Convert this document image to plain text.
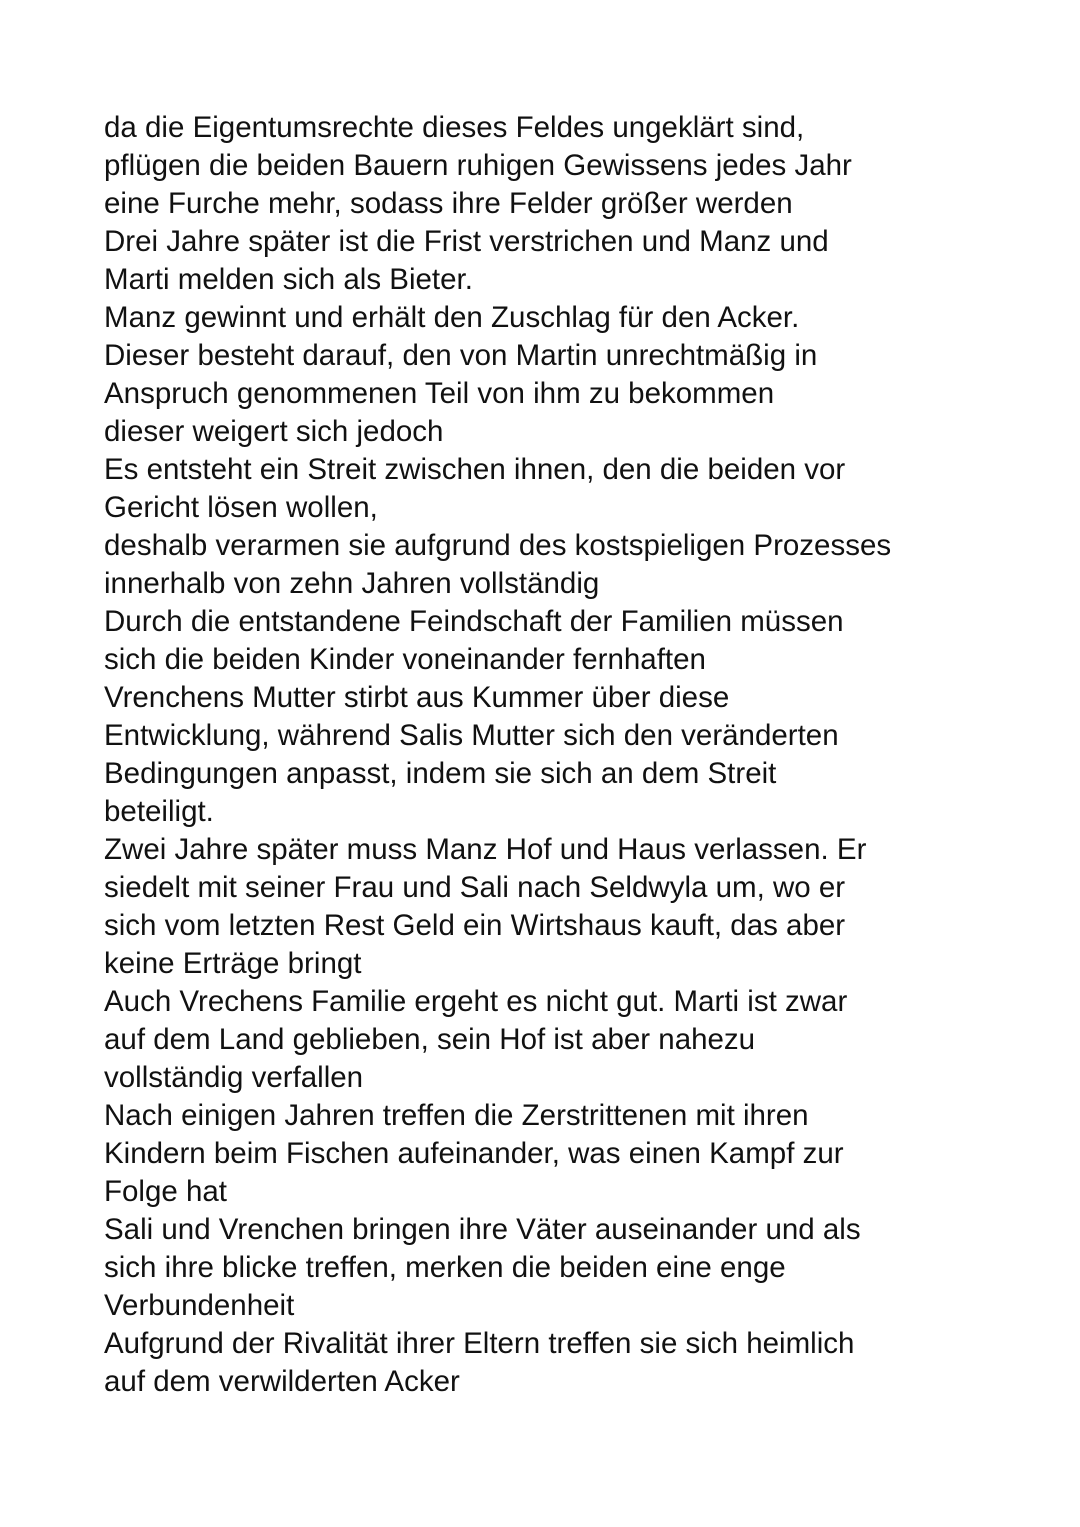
da die Eigentumsrechte dieses Feldes ungeklärt sind,
pflügen die beiden Bauern ruhigen Gewissens jedes Jahr
eine Furche mehr, sodass ihre Felder größer werden
Drei Jahre später ist die Frist verstrichen und Manz und
Marti melden sich als Bieter.
Manz gewinnt und erhält den Zuschlag für den Acker.
Dieser besteht darauf, den von Martin unrechtmäßig in
Anspruch genommenen Teil von ihm zu bekommen
dieser weigert sich jedoch
Es entsteht ein Streit zwischen ihnen, den die beiden vor
Gericht lösen wollen,
deshalb verarmen sie aufgrund des kostspieligen Prozesses
innerhalb von zehn Jahren vollständig
Durch die entstandene Feindschaft der Familien müssen
sich die beiden Kinder voneinander fernhaften
Vrenchens Mutter stirbt aus Kummer über diese
Entwicklung, während Salis Mutter sich den veränderten
Bedingungen anpasst, indem sie sich an dem Streit
beteiligt.
Zwei Jahre später muss Manz Hof und Haus verlassen. Er
siedelt mit seiner Frau und Sali nach Seldwyla um, wo er
sich vom letzten Rest Geld ein Wirtshaus kauft, das aber
keine Erträge bringt
Auch Vrechens Familie ergeht es nicht gut. Marti ist zwar
auf dem Land geblieben, sein Hof ist aber nahezu
vollständig verfallen
Nach einigen Jahren treffen die Zerstrittenen mit ihren
Kindern beim Fischen aufeinander, was einen Kampf zur
Folge hat
Sali und Vrenchen bringen ihre Väter auseinander und als
sich ihre blicke treffen, merken die beiden eine enge
Verbundenheit
Aufgrund der Rivalität ihrer Eltern treffen sie sich heimlich
auf dem verwilderten Acker
